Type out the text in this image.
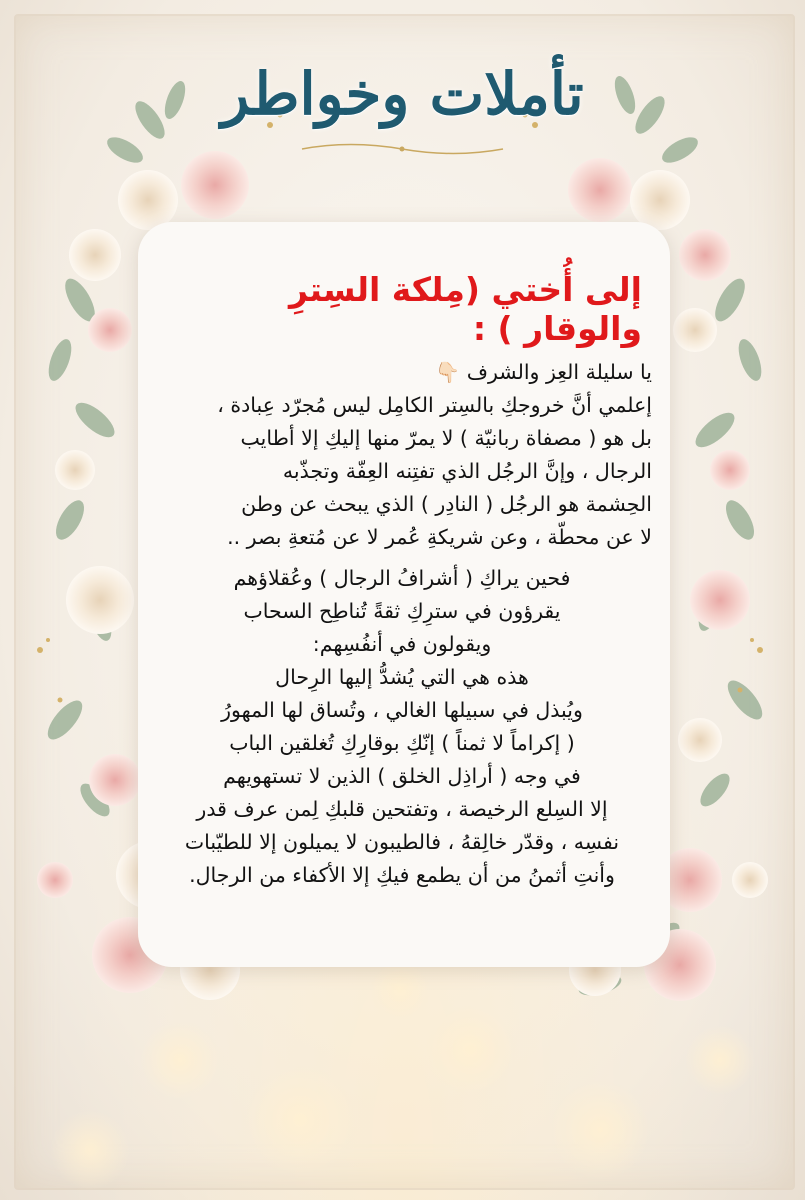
تأملات وخواطر
إلى أُختي (مِلكة السِترِ والوقار ) :

يا سليلة العِز والشرف 👇🏻

إعلمي أنَّ خروجكِ بالسِتر الكامِل ليس مُجرّد عِبادة ،

بل هو ( مصفاة ربانيّة ) لا يمرّ منها إليكِ إلا أطايب

الرجال ، وإنَّ الرجُل الذي تفتِنه العِفّة وتجذّبه

الحِشمة هو الرجُل ( النادِر ) الذي يبحث عن وطن

لا عن محطّة ، وعن شريكةِ عُمر لا عن مُتعةِ بصر ..

فحين يراكِ ( أشرافُ الرجال ) وعُقلاؤهم

يقرؤون في سترِكِ ثقةً تُناطِح السحاب

ويقولون في أنفُسِهم:

هذه هي التي يُشدُّ إليها الرِحال

ويُبذل في سبيلها الغالي ، وتُساق لها المهورُ

( إكراماً لا ثمناً ) إنّكِ بوقارِكِ تُغلقين الباب

في وجه ( أراذِل الخلق ) الذين لا تستهويهم

إلا السِلع الرخيصة ، وتفتحين قلبكِ لِمن عرف قدر

نفسِه ، وقدّر خالِقهُ ، فالطيبون لا يميلون إلا للطيّبات

وأنتِ أثمنُ من أن يطمع فيكِ إلا الأكفاء من الرجال.
